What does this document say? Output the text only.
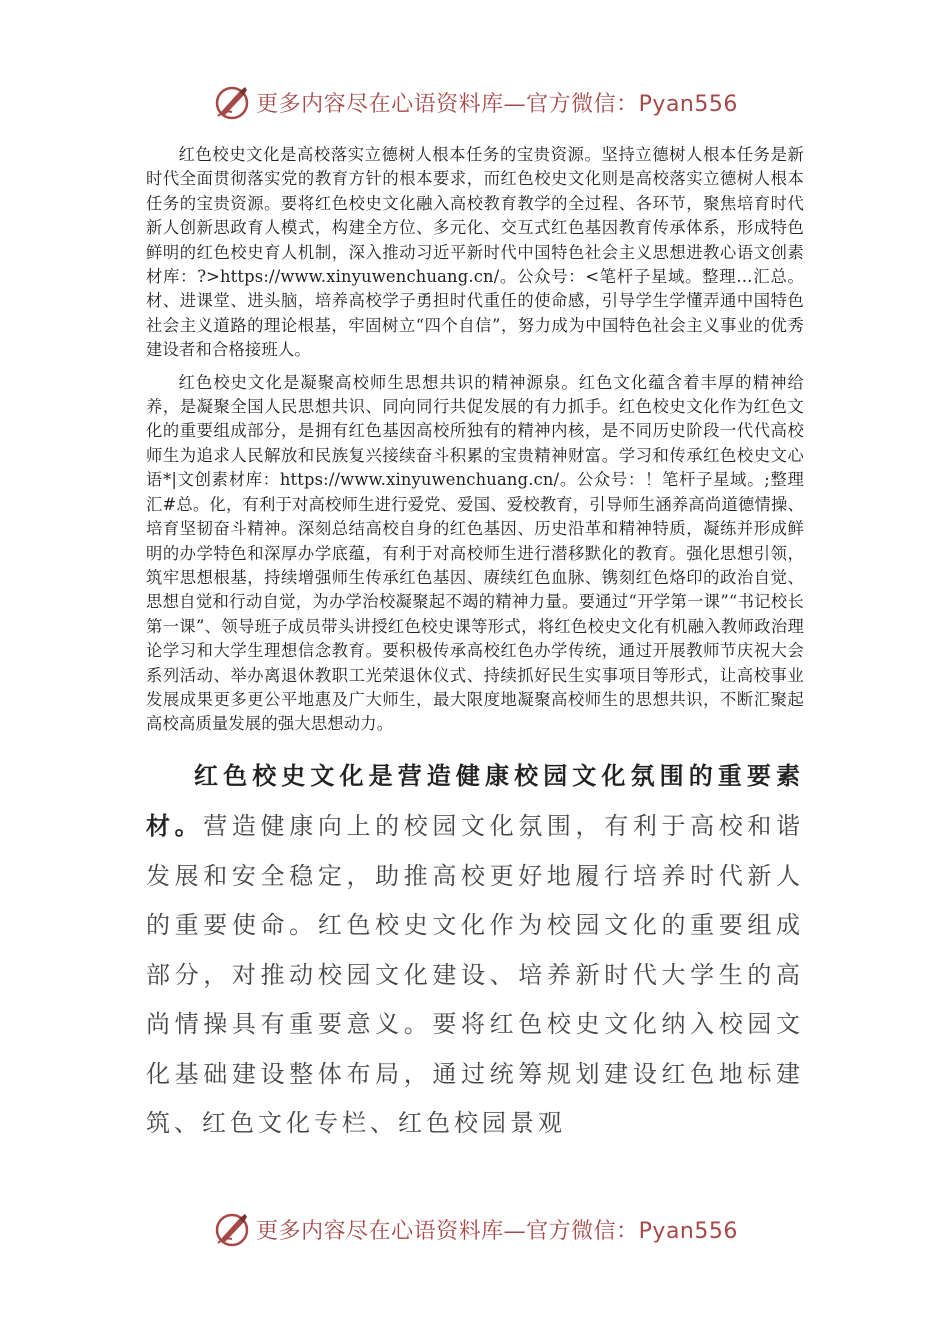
更多内容尽在心语资料库—官方微信：Pyan556

红色校史文化是高校落实立德树人根本任务的宝贵资源。坚持立德树人根本任务是新时代全面贯彻落实党的教育方针的根本要求，而红色校史文化则是高校落实立德树人根本任务的宝贵资源。要将红色校史文化融入高校教育教学的全过程、各环节，聚焦培育时代新人创新思政育人模式，构建全方位、多元化、交互式红色基因教育传承体系，形成特色鲜明的红色校史育人机制，深入推动习近平新时代中国特色社会主义思想进教心语文创素材库：?>https://www.xinyuwenchuang.cn/。公众号：<笔杆子星域。整理…汇总。材、进课堂、进头脑，培养高校学子勇担时代重任的使命感，引导学生学懂弄通中国特色社会主义道路的理论根基，牢固树立“四个自信”，努力成为中国特色社会主义事业的优秀建设者和合格接班人。

红色校史文化是凝聚高校师生思想共识的精神源泉。红色文化蕴含着丰厚的精神给养，是凝聚全国人民思想共识、同向同行共促发展的有力抓手。红色校史文化作为红色文化的重要组成部分，是拥有红色基因高校所独有的精神内核，是不同历史阶段一代代高校师生为追求人民解放和民族复兴接续奋斗积累的宝贵精神财富。学习和传承红色校史文心语*|文创素材库：https://www.xinyuwenchuang.cn/。公众号：！笔杆子星域。;整理汇#总。化，有利于对高校师生进行爱党、爱国、爱校教育，引导师生涵养高尚道德情操、培育坚韧奋斗精神。深刻总结高校自身的红色基因、历史沿革和精神特质，凝练并形成鲜明的办学特色和深厚办学底蕴，有利于对高校师生进行潜移默化的教育。强化思想引领，筑牢思想根基，持续增强师生传承红色基因、赓续红色血脉、镌刻红色烙印的政治自觉、思想自觉和行动自觉，为办学治校凝聚起不竭的精神力量。要通过“开学第一课”“书记校长第一课”、领导班子成员带头讲授红色校史课等形式，将红色校史文化有机融入教师政治理论学习和大学生理想信念教育。要积极传承高校红色办学传统，通过开展教师节庆祝大会系列活动、举办离退休教职工光荣退休仪式、持续抓好民生实事项目等形式，让高校事业发展成果更多更公平地惠及广大师生，最大限度地凝聚高校师生的思想共识，不断汇聚起高校高质量发展的强大思想动力。

红色校史文化是营造健康校园文化氛围的重要素材。营造健康向上的校园文化氛围，有利于高校和谐发展和安全稳定，助推高校更好地履行培养时代新人的重要使命。红色校史文化作为校园文化的重要组成部分，对推动校园文化建设、培养新时代大学生的高尚情操具有重要意义。要将红色校史文化纳入校园文化基础建设整体布局，通过统筹规划建设红色地标建筑、红色文化专栏、红色校园景观

更多内容尽在心语资料库—官方微信：Pyan556
